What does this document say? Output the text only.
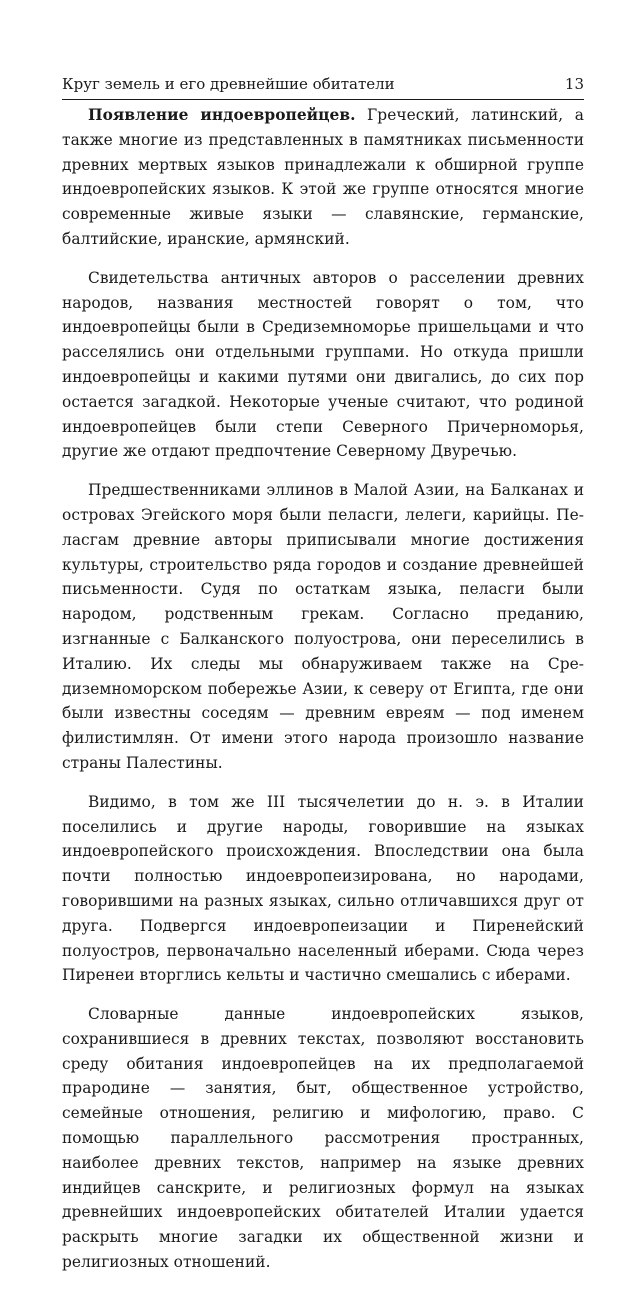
Круг земель и его древнейшие обитатели	13

Появление индоевропейцев. Греческий, латинский, а также многие из представленных в памятниках письменности древних мертвых языков принадлежали к обширной группе индоевропейских языков. К этой же группе относятся многие современные живые языки — славянские, германские, балтийские, иранские, армянский.

Свидетельства античных авторов о расселении древних народов, названия местностей говорят о том, что индоевропейцы были в Средиземноморье пришельцами и что расселялись они отдельными группами. Но откуда пришли индоевропейцы и какими путями они двигались, до сих пор остается загадкой. Некоторые ученые считают, что родиной индоевропейцев были степи Северного Причерноморья, другие же отдают предпочтение Северному Двуречью.

Предшественниками эллинов в Малой Азии, на Балканах и островах Эгейского моря были пеласги, лелеги, карийцы. Пеласгам древние авторы приписывали многие достижения культуры, строительство ряда городов и создание древнейшей письменности. Судя по остаткам языка, пеласги были народом, родственным грекам. Согласно преданию, изгнанные с Балканского полуострова, они переселились в Италию. Их следы мы обнаруживаем также на Средиземноморском побережье Азии, к северу от Египта, где они были известны соседям — древним евреям — под именем филистимлян. От имени этого народа произошло название страны Палестины.

Видимо, в том же III тысячелетии до н. э. в Италии поселились и другие народы, говорившие на языках индоевропейского происхождения. Впоследствии она была почти полностью индоевропеизирована, но народами, говорившими на разных языках, сильно отличавшихся друг от друга. Подвергся индоевропеизации и Пиренейский полуостров, первоначально населенный иберами. Сюда через Пиренеи вторглись кельты и частично смешались с иберами.

Словарные данные индоевропейских языков, сохранившиеся в древних текстах, позволяют восстановить среду обитания индоевропейцев на их предполагаемой прародине — занятия, быт, общественное устройство, семейные отношения, религию и мифологию, право. С помощью параллельного рассмотрения пространных, наиболее древних текстов, например на языке древних индийцев санскрите, и религиозных формул на языках древнейших индоевропейских обитателей Италии удается раскрыть многие загадки их общественной жизни и религиозных отношений.
